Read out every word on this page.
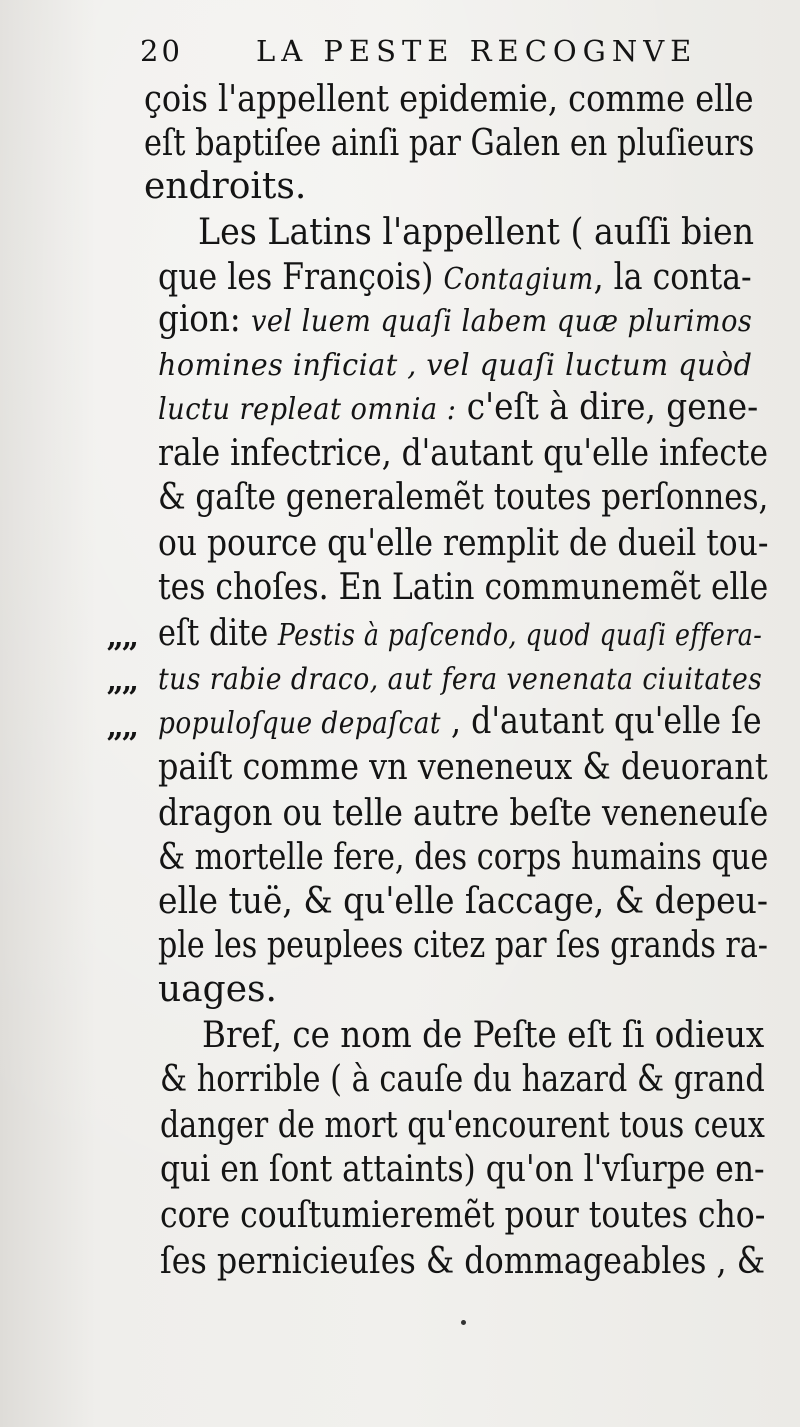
20	LA PESTE RECOGNVE
çois l'appellent epidemie, comme elle
eſt baptiſee ainſi par Galen en pluſieurs
endroits.
Les Latins l'appellent ( auſſi bien
que les François) Contagium, la conta-
gion: vel luem quaſi labem quæ plurimos
homines inficiat , vel quaſi luctum quòd
luctu repleat omnia : c'eſt à dire, gene-
rale infectrice, d'autant qu'elle infecte
& gaſte generalemẽt toutes perſonnes,
ou pource qu'elle remplit de dueil tou-
tes choſes. En Latin communemẽt elle
eſt dite Pestis à paſcendo, quod quaſi effera-
tus rabie draco, aut fera venenata ciuitates
populoſque depaſcat , d'autant qu'elle ſe
paiſt comme vn veneneux & deuorant
dragon ou telle autre beſte veneneuſe
& mortelle fere, des corps humains que
elle tuë, & qu'elle ſaccage, & depeu-
ple les peuplees citez par ſes grands ra-
uages.
Bref, ce nom de Peſte eſt ſi odieux
& horrible ( à cauſe du hazard & grand
danger de mort qu'encourent tous ceux
qui en ſont attaints) qu'on l'vſurpe en-
core couſtumieremẽt pour toutes cho-
ſes pernicieuſes & dommageables , &
””
””
””
